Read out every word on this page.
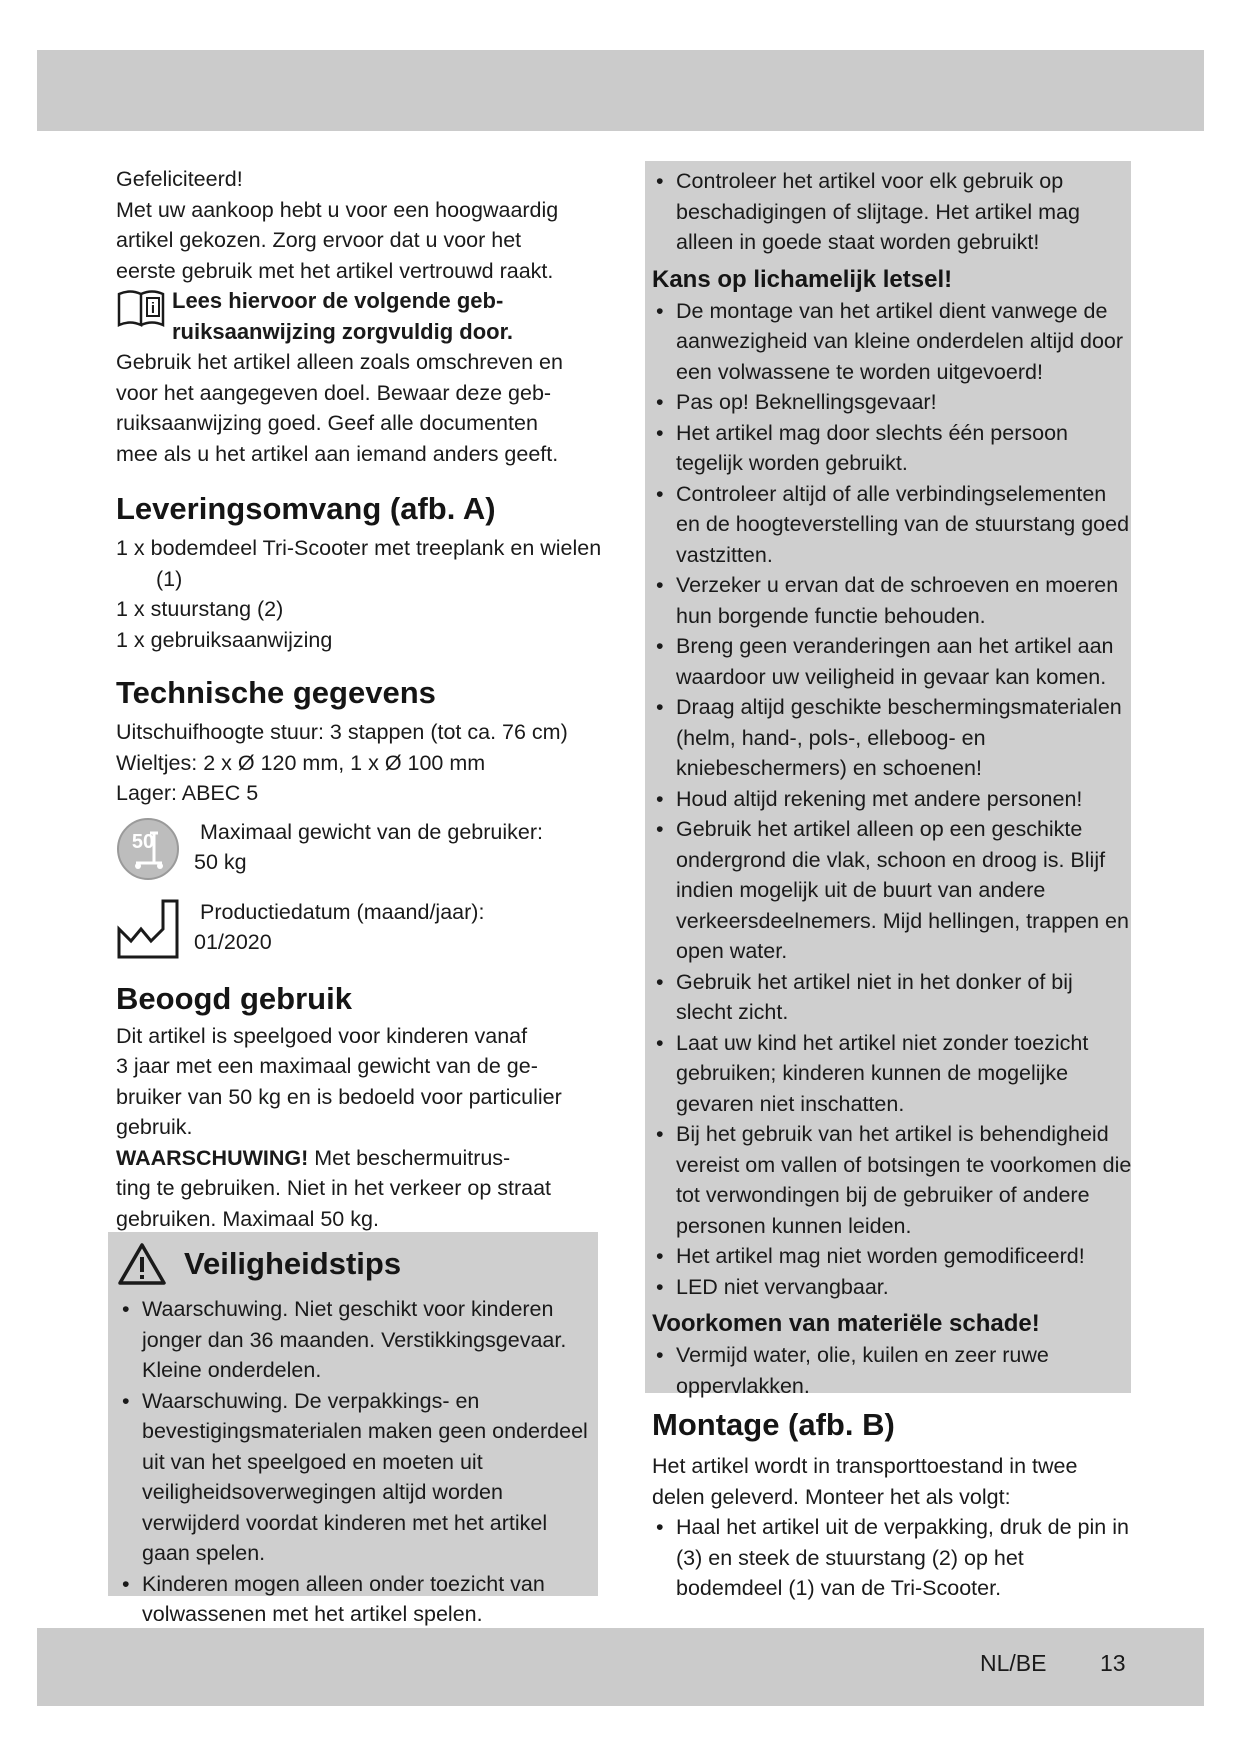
Gefeliciteerd!

Met uw aankoop hebt u voor een hoogwaardig

artikel gekozen. Zorg ervoor dat u voor het

eerste gebruik met het artikel vertrouwd raakt.

i Lees hiervoor de volgende geb-

ruiksaanwijzing zorgvuldig door.

Gebruik het artikel alleen zoals omschreven en

voor het aangegeven doel. Bewaar deze geb-

ruiksaanwijzing goed. Geef alle documenten

mee als u het artikel aan iemand anders geeft.

Leveringsomvang (afb. A)

1 x bodemdeel Tri-Scooter met treeplank en wielen (1)

1 x stuurstang (2)

1 x gebruiksaanwijzing

Technische gegevens

Uitschuifhoogte stuur: 3 stappen (tot ca. 76 cm)

Wieltjes: 2 x Ø 120 mm, 1 x Ø 100 mm

Lager: ABEC 5

50 Maximaal gewicht van de gebruiker:

50 kg

Productiedatum (maand/jaar):

01/2020

Beoogd gebruik

Dit artikel is speelgoed voor kinderen vanaf

3 jaar met een maximaal gewicht van de ge-

bruiker van 50 kg en is bedoeld voor particulier

gebruik.

WAARSCHUWING! Met beschermuitrus-

ting te gebruiken. Niet in het verkeer op straat

gebruiken. Maximaal 50 kg.

Veiligheidstips
• Waarschuwing. Niet geschikt voor kinderen jonger dan 36 maanden. Verstikkingsgevaar. Kleine onderdelen.
• Waarschuwing. De verpakkings- en bevestigingsmaterialen maken geen onderdeel uit van het speelgoed en moeten uit veiligheidsoverwegingen altijd worden verwijderd voordat kinderen met het artikel gaan spelen.
• Kinderen mogen alleen onder toezicht van volwassenen met het artikel spelen.
• Controleer het artikel voor elk gebruik op beschadigingen of slijtage. Het artikel mag alleen in goede staat worden gebruikt!
Kans op lichamelijk letsel!
• De montage van het artikel dient vanwege de aanwezigheid van kleine onderdelen altijd door een volwassene te worden uitgevoerd!
• Pas op! Beknellingsgevaar!
• Het artikel mag door slechts één persoon tegelijk worden gebruikt.
• Controleer altijd of alle verbindingselementen en de hoogteverstelling van de stuurstang goed vastzitten.
• Verzeker u ervan dat de schroeven en moeren hun borgende functie behouden.
• Breng geen veranderingen aan het artikel aan waardoor uw veiligheid in gevaar kan komen.
• Draag altijd geschikte beschermingsmaterialen (helm, hand-, pols-, elleboog- en kniebeschermers) en schoenen!
• Houd altijd rekening met andere personen!
• Gebruik het artikel alleen op een geschikte ondergrond die vlak, schoon en droog is. Blijf indien mogelijk uit de buurt van andere verkeersdeelnemers. Mijd hellingen, trappen en open water.
• Gebruik het artikel niet in het donker of bij slecht zicht.
• Laat uw kind het artikel niet zonder toezicht gebruiken; kinderen kunnen de mogelijke gevaren niet inschatten.
• Bij het gebruik van het artikel is behendigheid vereist om vallen of botsingen te voorkomen die tot verwondingen bij de gebruiker of andere personen kunnen leiden.
• Het artikel mag niet worden gemodificeerd!
• LED niet vervangbaar.
Voorkomen van materiële schade!
• Vermijd water, olie, kuilen en zeer ruwe oppervlakken.
Montage (afb. B)

Het artikel wordt in transporttoestand in twee

delen geleverd. Monteer het als volgt:

• Haal het artikel uit de verpakking, druk de pin in (3) en steek de stuurstang (2) op het bodemdeel (1) van de Tri-Scooter.
NL/BE 13
